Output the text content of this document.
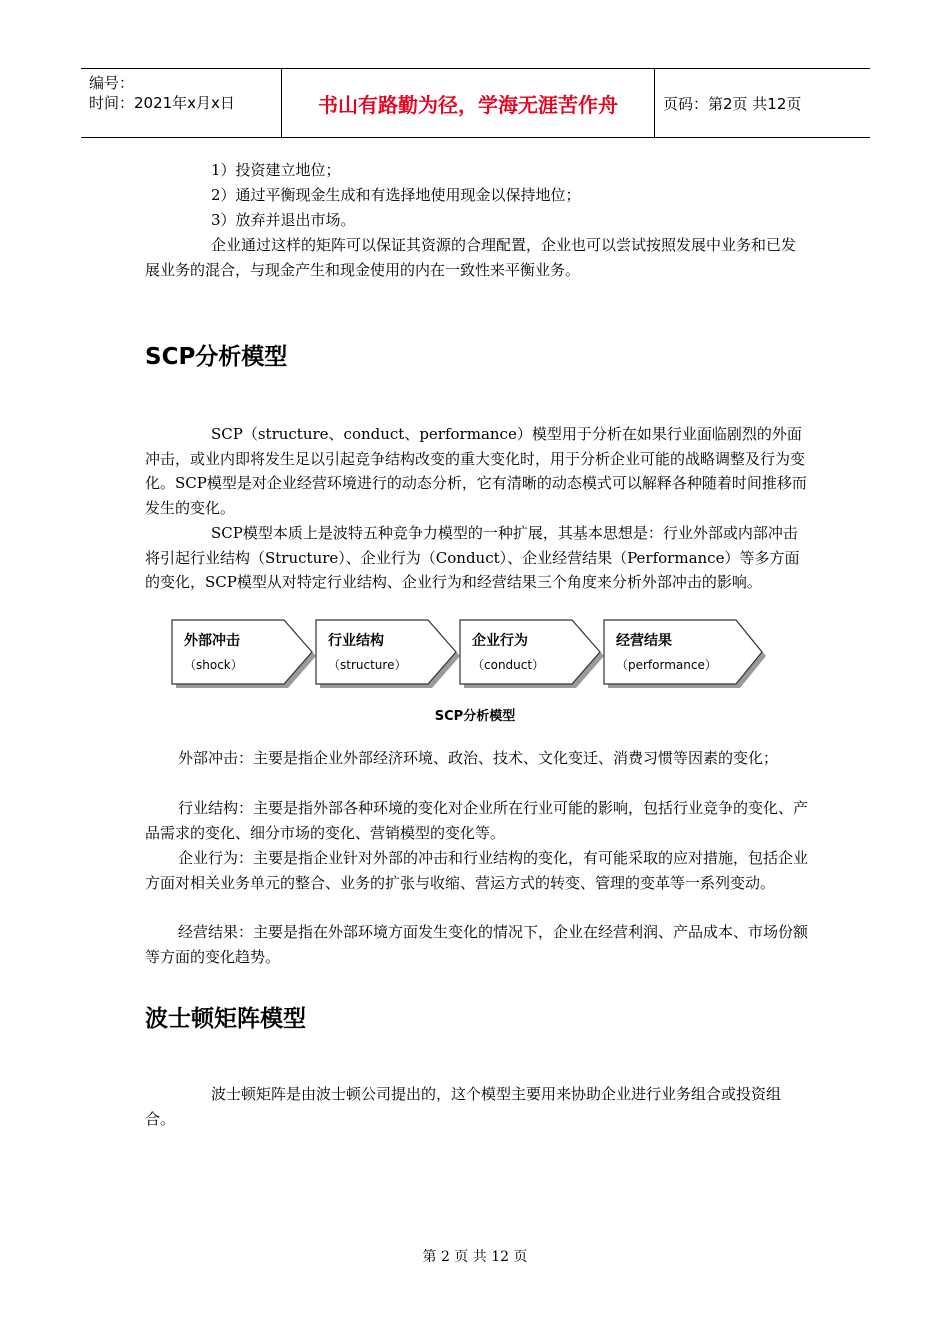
编号：
时间：2021年x月x日	书山有路勤为径，学海无涯苦作舟	页码：第2页 共12页

1）投资建立地位；

2）通过平衡现金生成和有选择地使用现金以保持地位；

3）放弃并退出市场。

企业通过这样的矩阵可以保证其资源的合理配置，企业也可以尝试按照发展中业务和已发展业务的混合，与现金产生和现金使用的内在一致性来平衡业务。

SCP分析模型

SCP（structure、conduct、performance）模型用于分析在如果行业面临剧烈的外面冲击，或业内即将发生足以引起竞争结构改变的重大变化时，用于分析企业可能的战略调整及行为变化。SCP模型是对企业经营环境进行的动态分析，它有清晰的动态模式可以解释各种随着时间推移而发生的变化。

SCP模型本质上是波特五种竞争力模型的一种扩展，其基本思想是：行业外部或内部冲击将引起行业结构（Structure）、企业行为（Conduct）、企业经营结果（Performance）等多方面的变化，SCP模型从对特定行业结构、企业行为和经营结果三个角度来分析外部冲击的影响。

外部冲击
（shock）
行业结构
（structure）
企业行为
（conduct）
经营结果
（performance）
SCP分析模型

外部冲击：主要是指企业外部经济环境、政治、技术、文化变迁、消费习惯等因素的变化；

行业结构：主要是指外部各种环境的变化对企业所在行业可能的影响，包括行业竞争的变化、产品需求的变化、细分市场的变化、营销模型的变化等。

企业行为：主要是指企业针对外部的冲击和行业结构的变化，有可能采取的应对措施，包括企业方面对相关业务单元的整合、业务的扩张与收缩、营运方式的转变、管理的变革等一系列变动。

经营结果：主要是指在外部环境方面发生变化的情况下，企业在经营利润、产品成本、市场份额等方面的变化趋势。

波士顿矩阵模型

波士顿矩阵是由波士顿公司提出的，这个模型主要用来协助企业进行业务组合或投资组合。

第 2 页 共 12 页
